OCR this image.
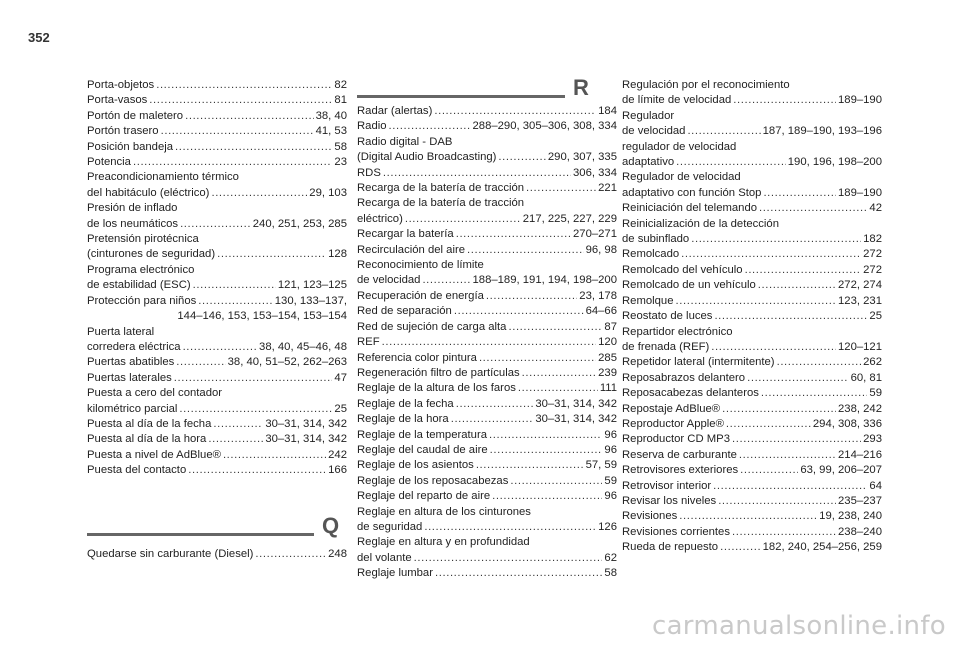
352
Porta-objetos .....	82
Porta-vasos .....	81
Portón de maletero .....	38, 40
Portón trasero .....	41, 53
Posición bandeja .....	58
Potencia .....	23
Preacondicionamiento térmico
del habitáculo (eléctrico) .....	29, 103
Presión de inflado
de los neumáticos .....	240, 251, 253, 285
Pretensión pirotécnica
(cinturones de seguridad) .....	128
Programa electrónico
de estabilidad (ESC) .....	121, 123–125
Protección para niños .....	130, 133–137,
144–146, 153, 153–154, 153–154
Puerta lateral
corredera eléctrica .....	38, 40, 45–46, 48
Puertas abatibles .....	38, 40, 51–52, 262–263
Puertas laterales .....	47
Puesta a cero del contador
kilométrico parcial .....	25
Puesta al día de la fecha .....	30–31, 314, 342
Puesta al día de la hora .....	30–31, 314, 342
Puesta a nivel de AdBlue® .....	242
Puesta del contacto .....	166
R
Radar (alertas) .....	184
Radio .....	288–290, 305–306, 308, 334
Radio digital - DAB
(Digital Audio Broadcasting) .....	290, 307, 335
RDS .....	306, 334
Recarga de la batería de tracción .....	221
Recarga de la batería de tracción
eléctrico) .....	217, 225, 227, 229
Recargar la batería .....	270–271
Recirculación del aire .....	96, 98
Reconocimiento de límite
de velocidad .....	188–189, 191, 194, 198–200
Recuperación de energía .....	23, 178
Red de separación .....	64–66
Red de sujeción de carga alta .....	87
REF .....	120
Referencia color pintura .....	285
Regeneración filtro de partículas .....	239
Reglaje de la altura de los faros .....	111
Reglaje de la fecha .....	30–31, 314, 342
Reglaje de la hora .....	30–31, 314, 342
Reglaje de la temperatura .....	96
Reglaje del caudal de aire .....	96
Reglaje de los asientos .....	57, 59
Reglaje de los reposacabezas .....	59
Reglaje del reparto de aire .....	96
Reglaje en altura de los cinturones
de seguridad .....	126
Reglaje en altura y en profundidad
del volante .....	62
Reglaje lumbar .....	58
Regulación por el reconocimiento
de límite de velocidad .....	189–190
Regulador
de velocidad .....	187, 189–190, 193–196
regulador de velocidad
adaptativo .....	190, 196, 198–200
Regulador de velocidad
adaptativo con función Stop .....	189–190
Reiniciación del telemando .....	42
Reinicialización de la detección
de subinflado .....	182
Remolcado .....	272
Remolcado del vehículo .....	272
Remolcado de un vehículo .....	272, 274
Remolque .....	123, 231
Reostato de luces .....	25
Repartidor electrónico
de frenada (REF) .....	120–121
Repetidor lateral (intermitente) .....	262
Reposabrazos delantero .....	60, 81
Reposacabezas delanteros .....	59
Repostaje AdBlue® .....	238, 242
Reproductor Apple® .....	294, 308, 336
Reproductor CD MP3 .....	293
Reserva de carburante .....	214–216
Retrovisores exteriores .....	63, 99, 206–207
Retrovisor interior .....	64
Revisar los niveles .....	235–237
Revisiones .....	19, 238, 240
Revisiones corrientes .....	238–240
Rueda de repuesto .....	182, 240, 254–256, 259
Q
Quedarse sin carburante (Diesel) .....	248
carmanualsonline.info
